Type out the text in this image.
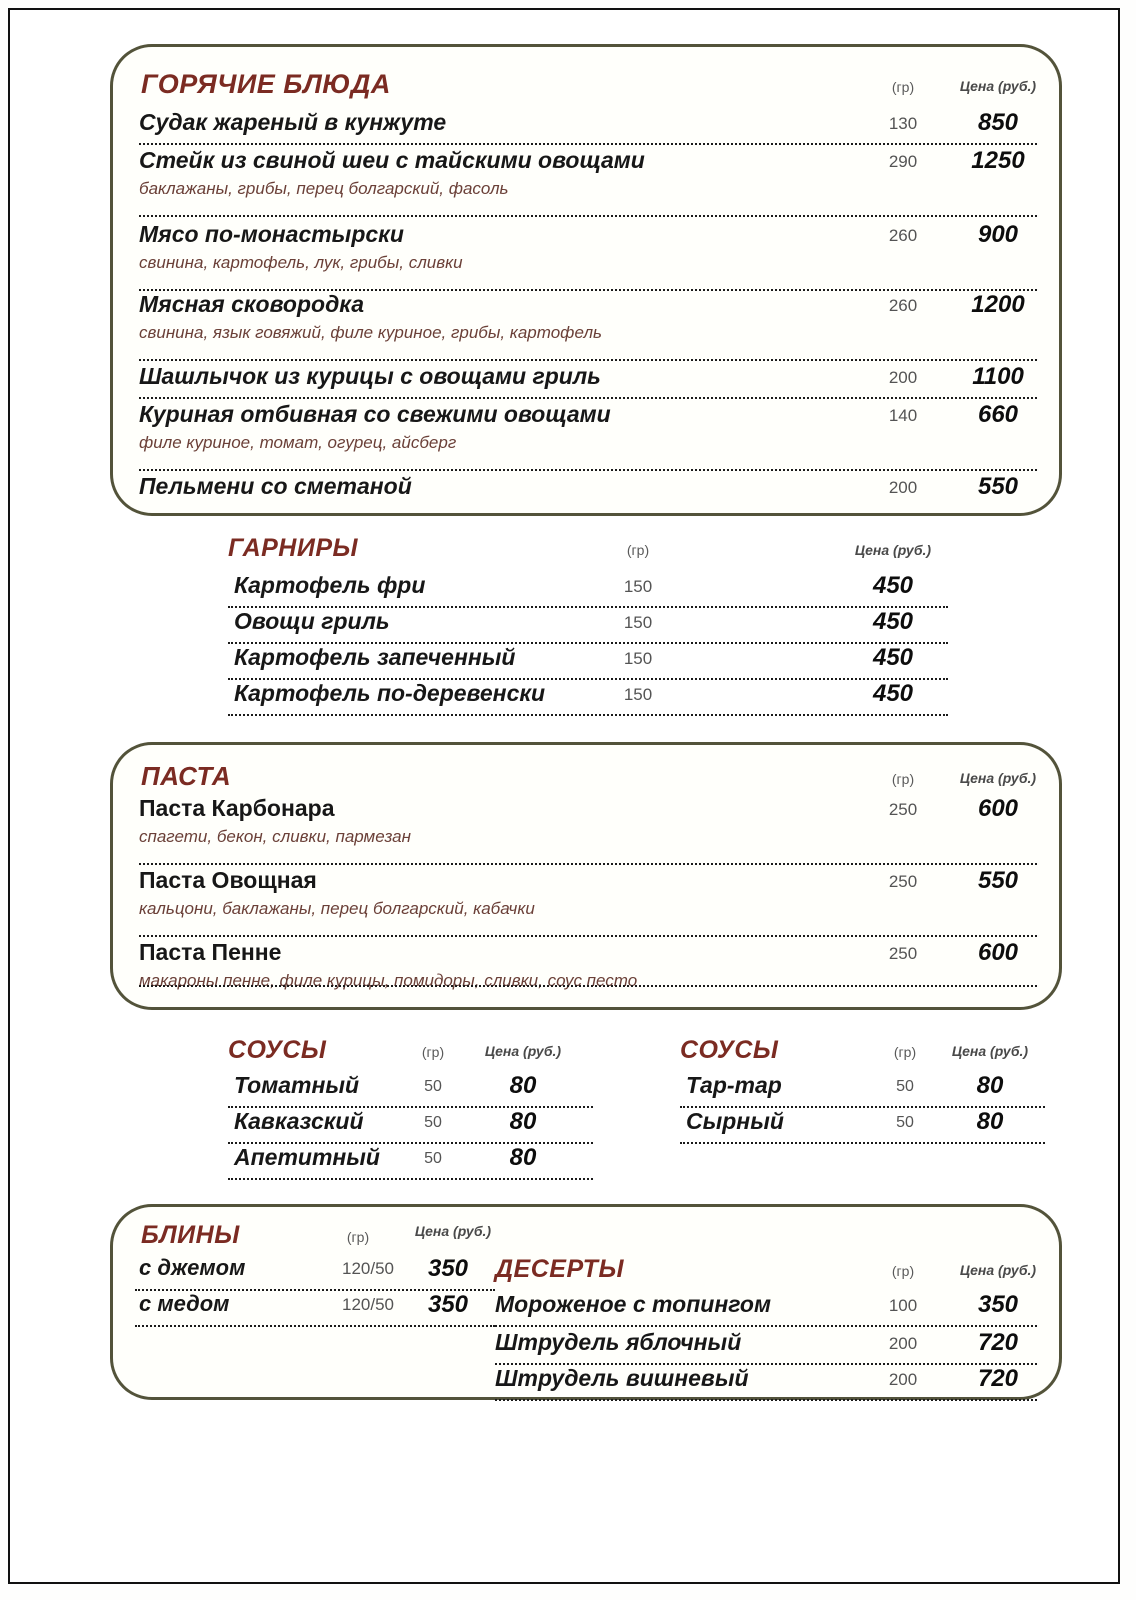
ГОРЯЧИЕ БЛЮДА	(гр)	Цена (руб.)
Судак жареный в кунжуте	130	850
Стейк из свиной шеи с тайскими овощами	290	1250
баклажаны, грибы, перец болгарский, фасоль
Мясо по-монастырски	260	900
свинина, картофель, лук, грибы, сливки
Мясная сковородка	260	1200
свинина, язык говяжий, филе куриное, грибы, картофель
Шашлычок из курицы с овощами гриль	200	1100
Куриная отбивная со свежими овощами	140	660
филе куриное, томат, огурец, айсберг
Пельмени со сметаной	200	550
ГАРНИРЫ	(гр)	Цена (руб.)
Картофель фри	150	450
Овощи гриль	150	450
Картофель запеченный	150	450
Картофель по-деревенски	150	450
ПАСТА	(гр)	Цена (руб.)
Паста Карбонара	250	600
спагети, бекон, сливки, пармезан
Паста Овощная	250	550
кальцони, баклажаны, перец болгарский, кабачки
Паста Пенне	250	600
макароны пенне, филе курицы, помидоры, сливки, соус песто
СОУСЫ	(гр)	Цена (руб.)
Томатный	50	80
Кавказский	50	80
Апетитный	50	80
СОУСЫ	(гр)	Цена (руб.)
Тар-тар	50	80
Сырный	50	80
БЛИНЫ	(гр)	Цена (руб.)
с джемом	120/50	350
с медом	120/50	350
ДЕСЕРТЫ	(гр)	Цена (руб.)
Мороженое с топингом	100	350
Штрудель яблочный	200	720
Штрудель вишневый	200	720
